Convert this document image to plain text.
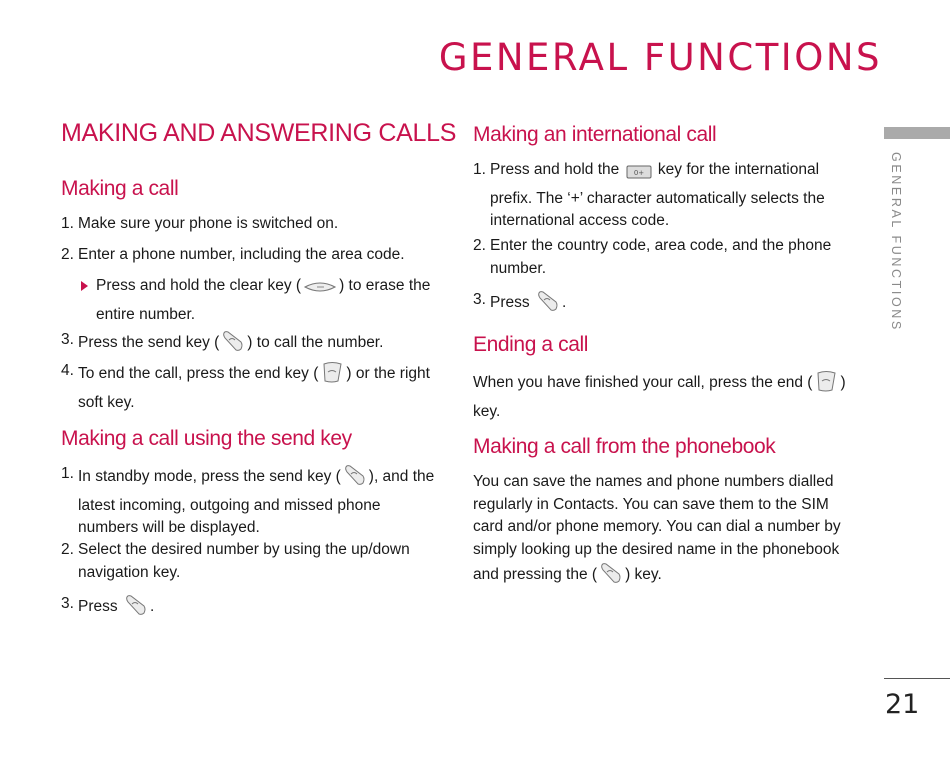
GENERAL FUNCTIONS
GENERAL FUNCTIONS
21
MAKING AND ANSWERING CALLS
Making a call
1. Make sure your phone is switched on.
2. Enter a phone number, including the area code.
Press and hold the clear key ( ) to erase the entire number.
3. Press the send key ( ) to call the number.
4. To end the call, press the end key ( ) or the right soft key.
Making a call using the send key
1. In standby mode, press the send key ( ), and the latest incoming, outgoing and missed phone numbers will be displayed.
2. Select the desired number by using the up/down navigation key.
3. Press .
Making an international call
1. Press and hold the 0+ key for the international prefix. The ‘+’ character automatically selects the international access code.
2. Enter the country code, area code, and the phone number.
3. Press .
Ending a call
When you have finished your call, press the end ( ) key.
Making a call from the phonebook
You can save the names and phone numbers dialled regularly in Contacts. You can save them to the SIM card and/or phone memory. You can dial a number by simply looking up the desired name in the phonebook and pressing the ( ) key.
